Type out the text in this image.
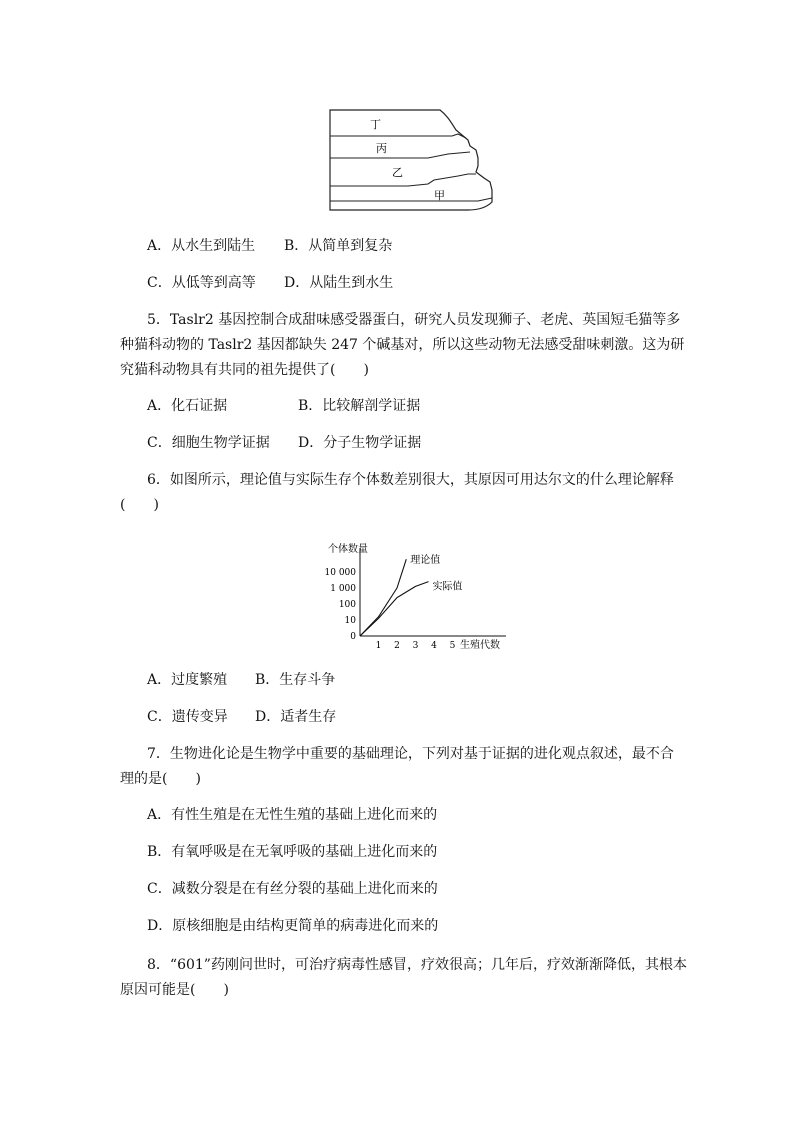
丁
丙
乙
甲
A．从水生到陆生 B．从简单到复杂
C．从低等到高等 D．从陆生到水生
5．Taslr2 基因控制合成甜味感受器蛋白，研究人员发现狮子、老虎、英国短毛猫等多
种猫科动物的 Taslr2 基因都缺失 247 个碱基对，所以这些动物无法感受甜味刺激。这为研
究猫科动物具有共同的祖先提供了(　　)
A．化石证据	B．比较解剖学证据
C．细胞生物学证据 D．分子生物学证据
6．如图所示，理论值与实际生存个体数差别很大，其原因可用达尔文的什么理论解释
(　　)
个体数量
生殖代数
0
10
100
1 000
10 000
1 2 3 4 5
理论值
实际值
A．过度繁殖 B．生存斗争
C．遗传变异 D．适者生存
7．生物进化论是生物学中重要的基础理论，下列对基于证据的进化观点叙述，最不合
理的是(　　)
A．有性生殖是在无性生殖的基础上进化而来的
B．有氧呼吸是在无氧呼吸的基础上进化而来的
C．减数分裂是在有丝分裂的基础上进化而来的
D．原核细胞是由结构更简单的病毒进化而来的
8．“601”药刚问世时，可治疗病毒性感冒，疗效很高；几年后，疗效渐渐降低，其根本
原因可能是(　　)
